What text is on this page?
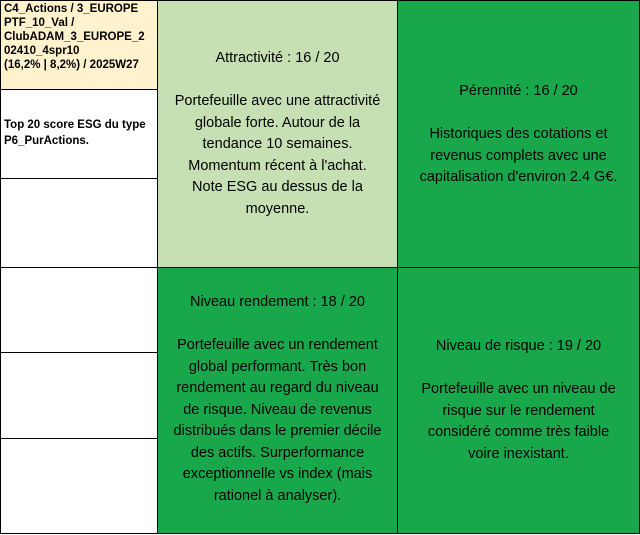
C4_Actions / 3_EUROPE
PTF_10_Val /
ClubADAM_3_EUROPE_2
02410_4spr10
(16,2% | 8,2%) / 2025W27
Top 20 score ESG du type
P6_PurActions.
Attractivité : 16 / 20
Portefeuille avec une attractivité
globale forte. Autour de la
tendance 10 semaines.
Momentum récent à l'achat.
Note ESG au dessus de la
moyenne.
Pérennité : 16 / 20
Historiques des cotations et
revenus complets avec une
capitalisation d'environ 2.4 G€.
Niveau rendement : 18 / 20
Portefeuille avec un rendement
global performant. Très bon
rendement au regard du niveau
de risque. Niveau de revenus
distribués dans le premier décile
des actifs. Surperformance
exceptionnelle vs index (mais
rationel à analyser).
Niveau de risque : 19 / 20
Portefeuille avec un niveau de
risque sur le rendement
considéré comme très faible
voire inexistant.
